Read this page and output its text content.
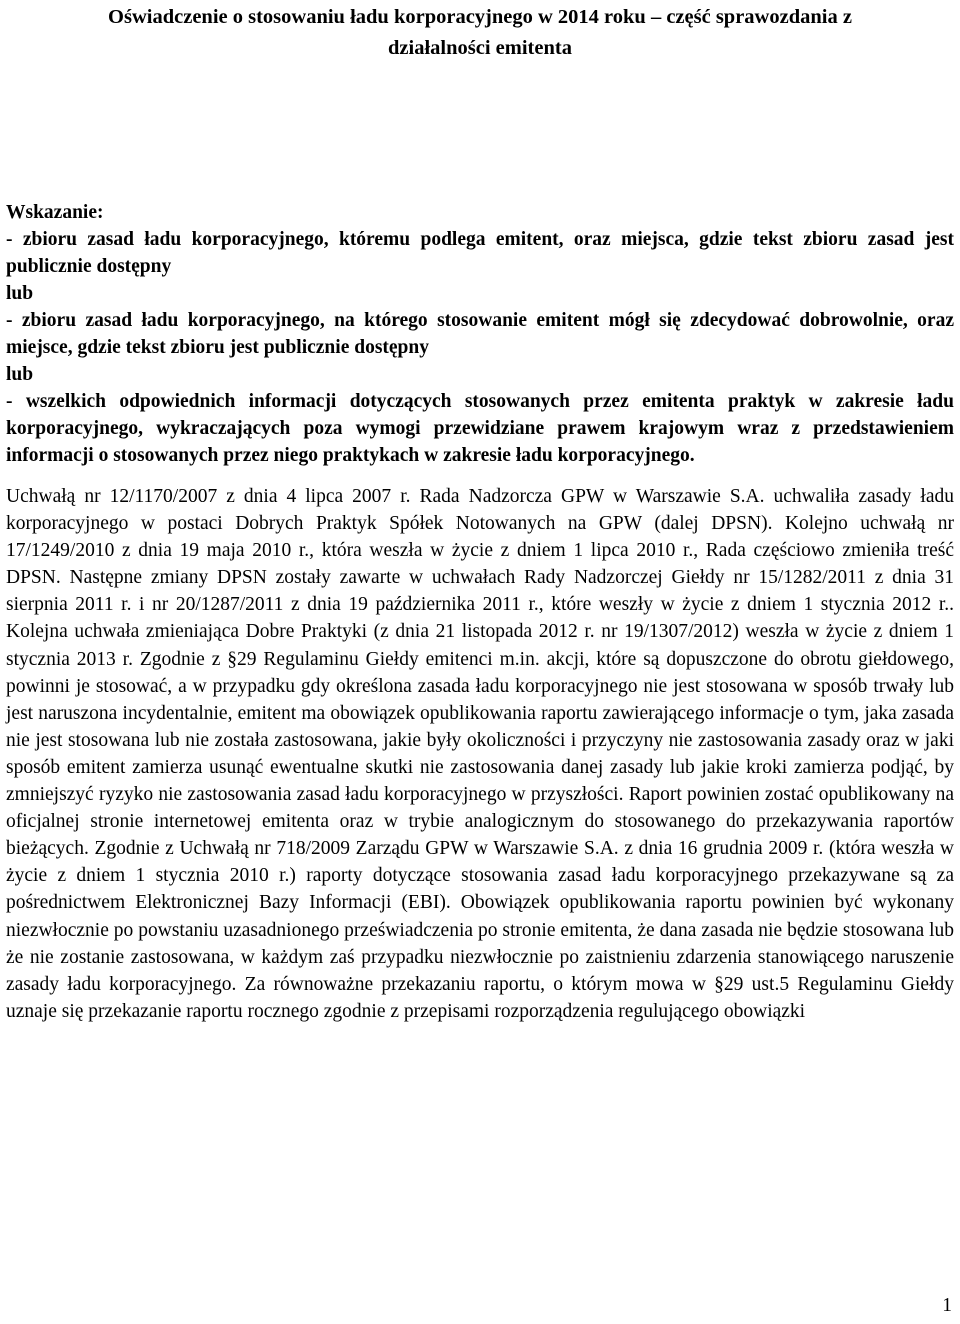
Oświadczenie o stosowaniu ładu korporacyjnego w 2014 roku – część sprawozdania z
działalności emitenta
Wskazanie:
- zbioru zasad ładu korporacyjnego, któremu podlega emitent, oraz miejsca, gdzie tekst zbioru zasad jest publicznie dostępny
lub
- zbioru zasad ładu korporacyjnego, na którego stosowanie emitent mógł się zdecydować dobrowolnie, oraz miejsce, gdzie tekst zbioru jest publicznie dostępny
lub
- wszelkich odpowiednich informacji dotyczących stosowanych przez emitenta praktyk w zakresie ładu korporacyjnego, wykraczających poza wymogi przewidziane prawem krajowym wraz z przedstawieniem informacji o stosowanych przez niego praktykach w zakresie ładu korporacyjnego.

Uchwałą nr 12/1170/2007 z dnia 4 lipca 2007 r. Rada Nadzorcza GPW w Warszawie S.A. uchwaliła zasady ładu korporacyjnego w postaci Dobrych Praktyk Spółek Notowanych na GPW (dalej DPSN). Kolejno uchwałą nr 17/1249/2010 z dnia 19 maja 2010 r., która weszła w życie z dniem 1 lipca 2010 r., Rada częściowo zmieniła treść DPSN. Następne zmiany DPSN zostały zawarte w uchwałach Rady Nadzorczej Giełdy nr 15/1282/2011 z dnia 31 sierpnia 2011 r. i nr 20/1287/2011 z dnia 19 października 2011 r., które weszły w życie z dniem 1 stycznia 2012 r.. Kolejna uchwała zmieniająca Dobre Praktyki (z dnia 21 listopada 2012 r. nr 19/1307/2012) weszła w życie z dniem 1 stycznia 2013 r. Zgodnie z §29 Regulaminu Giełdy emitenci m.in. akcji, które są dopuszczone do obrotu giełdowego, powinni je stosować, a w przypadku gdy określona zasada ładu korporacyjnego nie jest stosowana w sposób trwały lub jest naruszona incydentalnie, emitent ma obowiązek opublikowania raportu zawierającego informacje o tym, jaka zasada nie jest stosowana lub nie została zastosowana, jakie były okoliczności i przyczyny nie zastosowania zasady oraz w jaki sposób emitent zamierza usunąć ewentualne skutki nie zastosowania danej zasady lub jakie kroki zamierza podjąć, by zmniejszyć ryzyko nie zastosowania zasad ładu korporacyjnego w przyszłości. Raport powinien zostać opublikowany na oficjalnej stronie internetowej emitenta oraz w trybie analogicznym do stosowanego do przekazywania raportów bieżących. Zgodnie z Uchwałą nr 718/2009 Zarządu GPW w Warszawie S.A. z dnia 16 grudnia 2009 r. (która weszła w życie z dniem 1 stycznia 2010 r.) raporty dotyczące stosowania zasad ładu korporacyjnego przekazywane są za pośrednictwem Elektronicznej Bazy Informacji (EBI). Obowiązek opublikowania raportu powinien być wykonany niezwłocznie po powstaniu uzasadnionego przeświadczenia po stronie emitenta, że dana zasada nie będzie stosowana lub że nie zostanie zastosowana, w każdym zaś przypadku niezwłocznie po zaistnieniu zdarzenia stanowiącego naruszenie zasady ładu korporacyjnego. Za równoważne przekazaniu raportu, o którym mowa w §29 ust.5 Regulaminu Giełdy uznaje się przekazanie raportu rocznego zgodnie z przepisami rozporządzenia regulującego obowiązki

1
